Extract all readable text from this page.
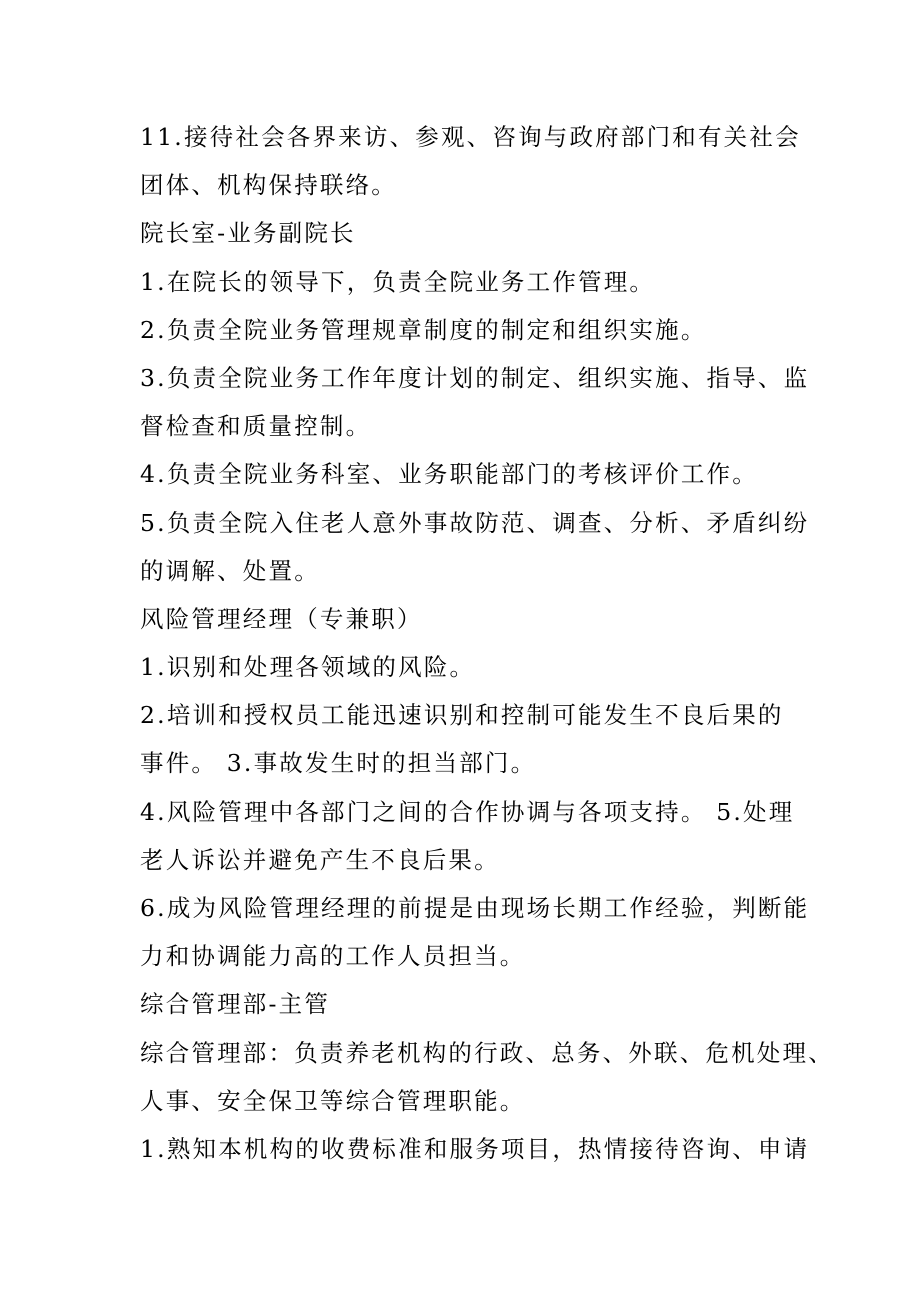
11.接待社会各界来访、参观、咨询与政府部门和有关社会
团体、机构保持联络。
院长室-业务副院长
1.在院长的领导下，负责全院业务工作管理。
2.负责全院业务管理规章制度的制定和组织实施。
3.负责全院业务工作年度计划的制定、组织实施、指导、监
督检查和质量控制。
4.负责全院业务科室、业务职能部门的考核评价工作。
5.负责全院入住老人意外事故防范、调查、分析、矛盾纠纷
的调解、处置。
风险管理经理（专兼职）
1.识别和处理各领域的风险。
2.培训和授权员工能迅速识别和控制可能发生不良后果的
事件。 3.事故发生时的担当部门。
4.风险管理中各部门之间的合作协调与各项支持。 5.处理
老人诉讼并避免产生不良后果。
6.成为风险管理经理的前提是由现场长期工作经验，判断能
力和协调能力高的工作人员担当。
综合管理部-主管
综合管理部：负责养老机构的行政、总务、外联、危机处理、
人事、安全保卫等综合管理职能。
1.熟知本机构的收费标准和服务项目，热情接待咨询、申请
